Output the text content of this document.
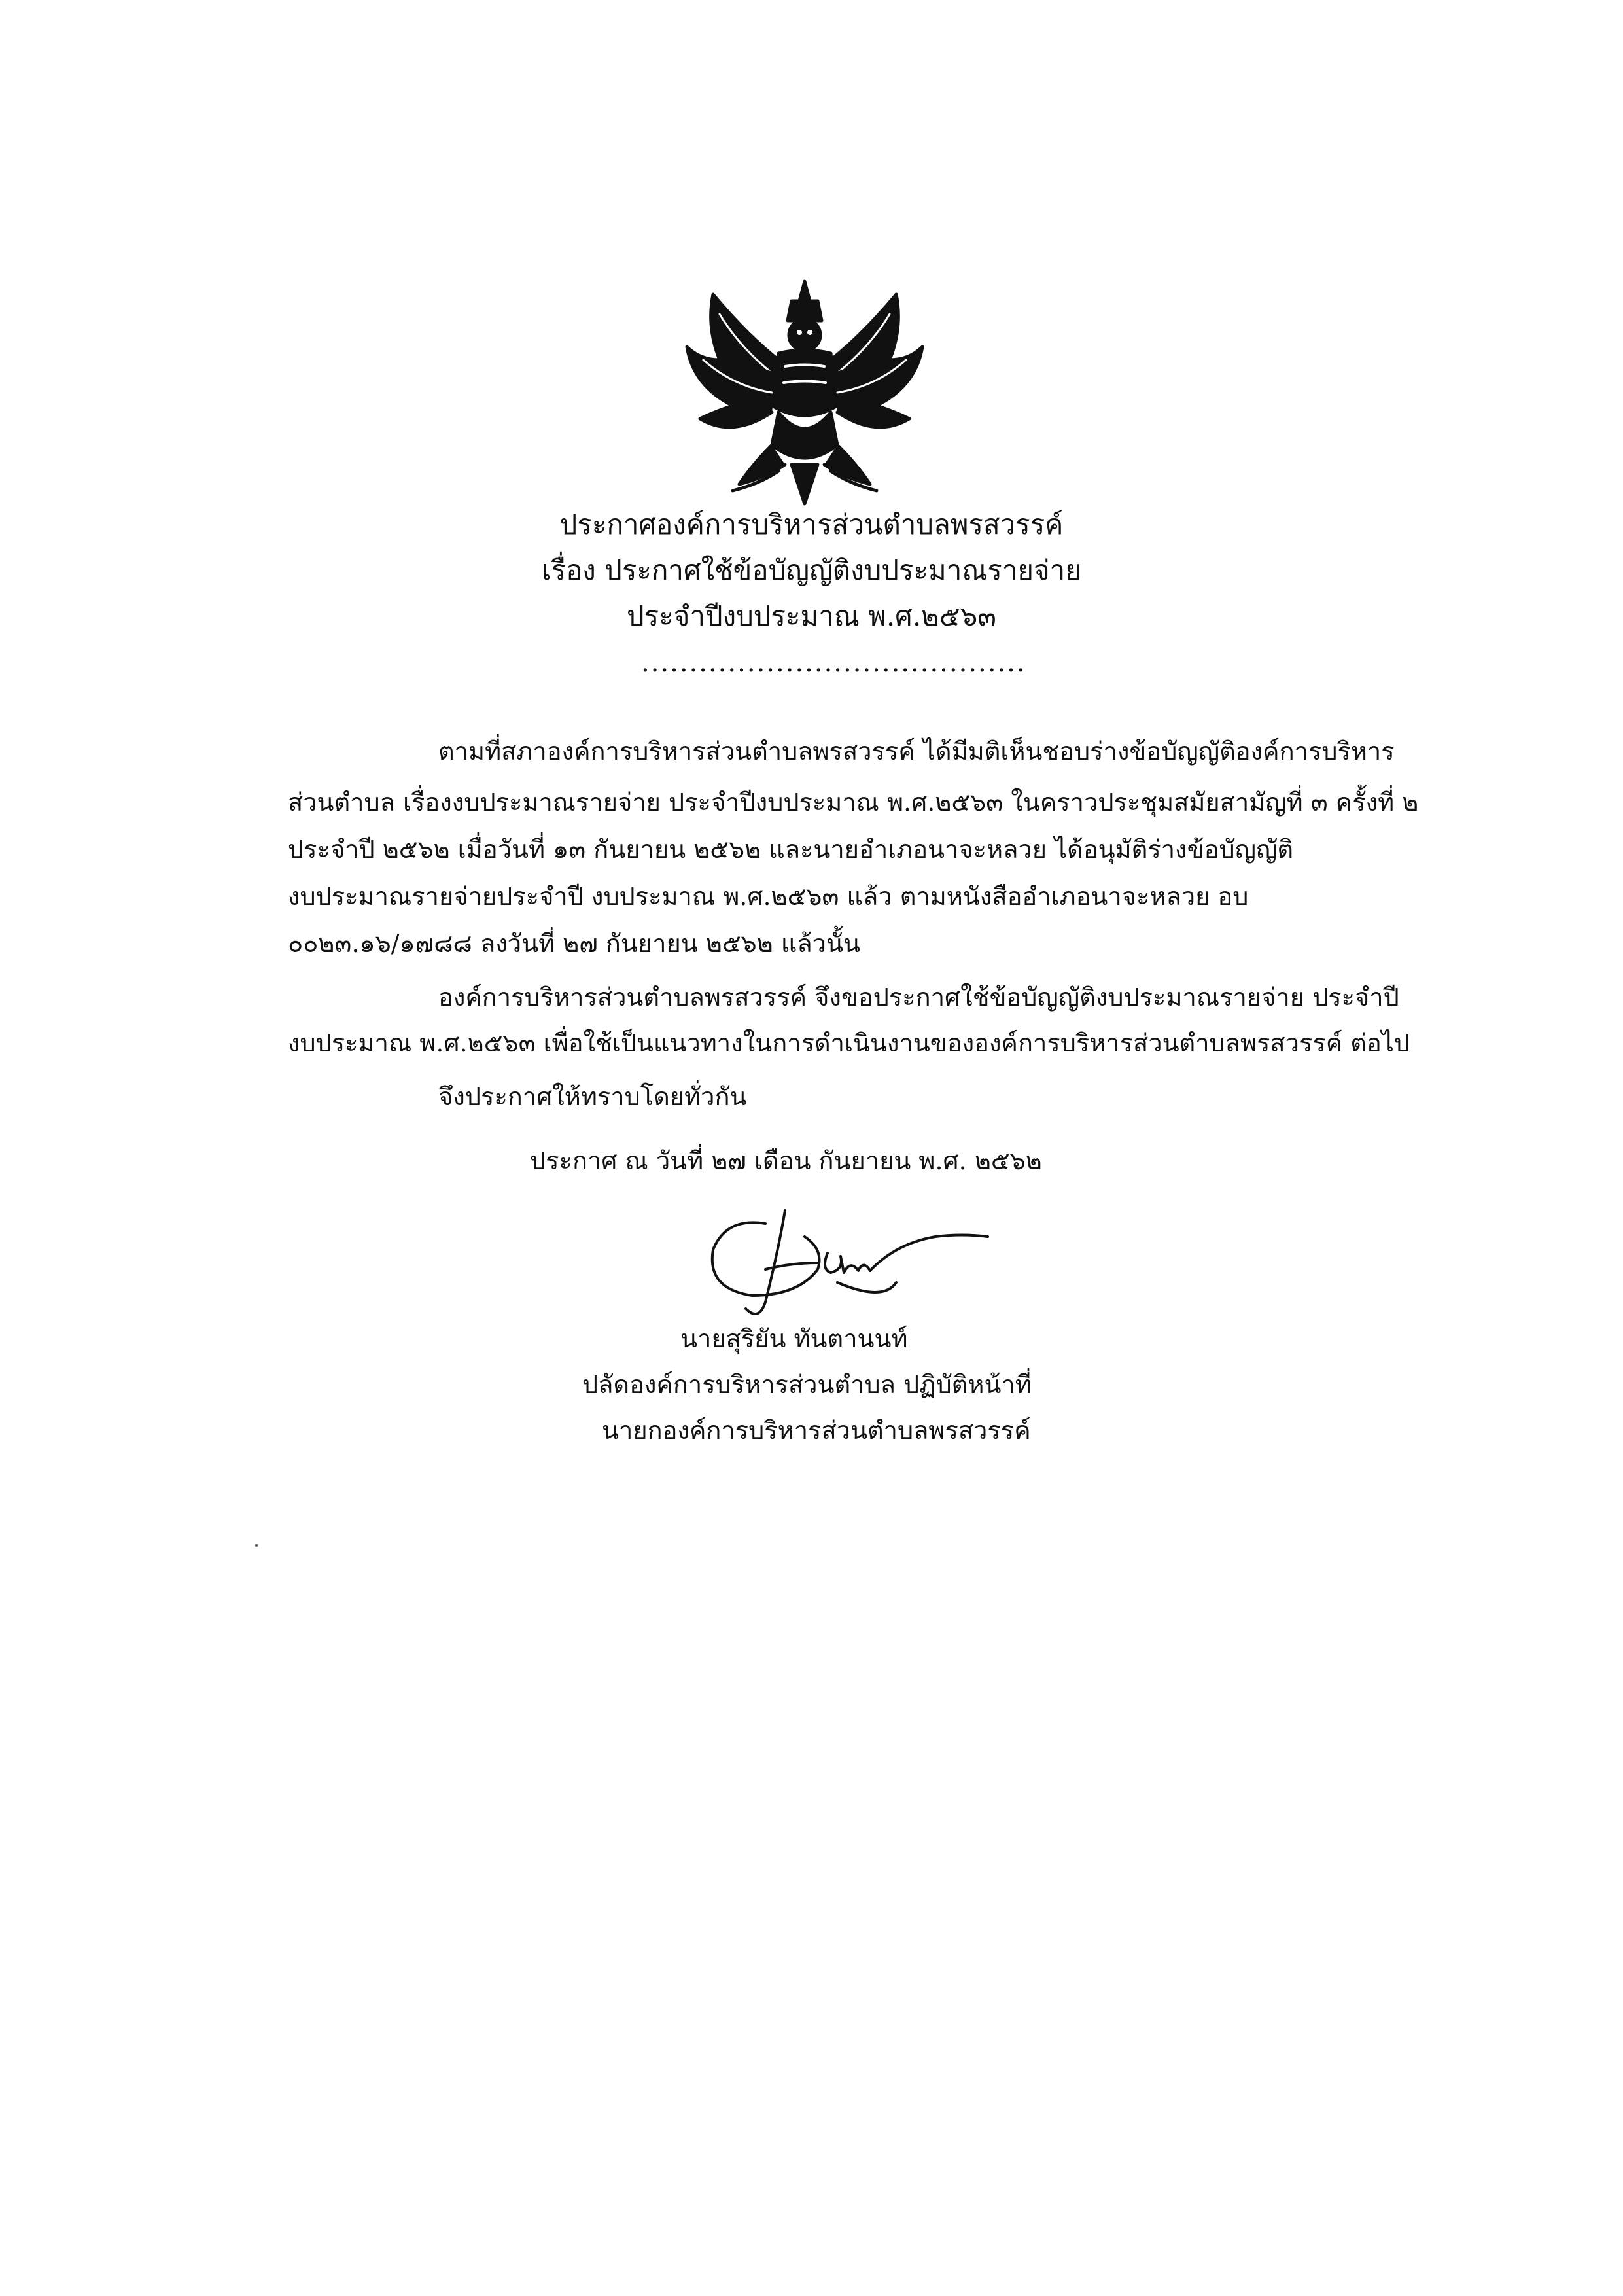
ประกาศองค์การบริหารส่วนตำบลพรสวรรค์
เรื่อง ประกาศใช้ข้อบัญญัติงบประมาณรายจ่าย
ประจำปีงบประมาณ พ.ศ.๒๕๖๓
........................................
ตามที่สภาองค์การบริหารส่วนตำบลพรสวรรค์ ได้มีมติเห็นชอบร่างข้อบัญญัติองค์การบริหาร
ส่วนตำบล เรื่องงบประมาณรายจ่าย ประจำปีงบประมาณ พ.ศ.๒๕๖๓ ในคราวประชุมสมัยสามัญที่ ๓ ครั้งที่ ๒
ประจำปี ๒๕๖๒ เมื่อวันที่ ๑๓ กันยายน ๒๕๖๒ และนายอำเภอนาจะหลวย ได้อนุมัติร่างข้อบัญญัติ
งบประมาณรายจ่ายประจำปี งบประมาณ พ.ศ.๒๕๖๓ แล้ว ตามหนังสืออำเภอนาจะหลวย อบ
๐๐๒๓.๑๖/๑๗๘๘ ลงวันที่ ๒๗ กันยายน ๒๕๖๒ แล้วนั้น
องค์การบริหารส่วนตำบลพรสวรรค์ จึงขอประกาศใช้ข้อบัญญัติงบประมาณรายจ่าย ประจำปี
งบประมาณ พ.ศ.๒๕๖๓ เพื่อใช้เป็นแนวทางในการดำเนินงานขององค์การบริหารส่วนตำบลพรสวรรค์ ต่อไป
จึงประกาศให้ทราบโดยทั่วกัน
ประกาศ ณ วันที่ ๒๗ เดือน กันยายน พ.ศ. ๒๕๖๒
นายสุริยัน ทันตานนท์
ปลัดองค์การบริหารส่วนตำบล ปฏิบัติหน้าที่
นายกองค์การบริหารส่วนตำบลพรสวรรค์
